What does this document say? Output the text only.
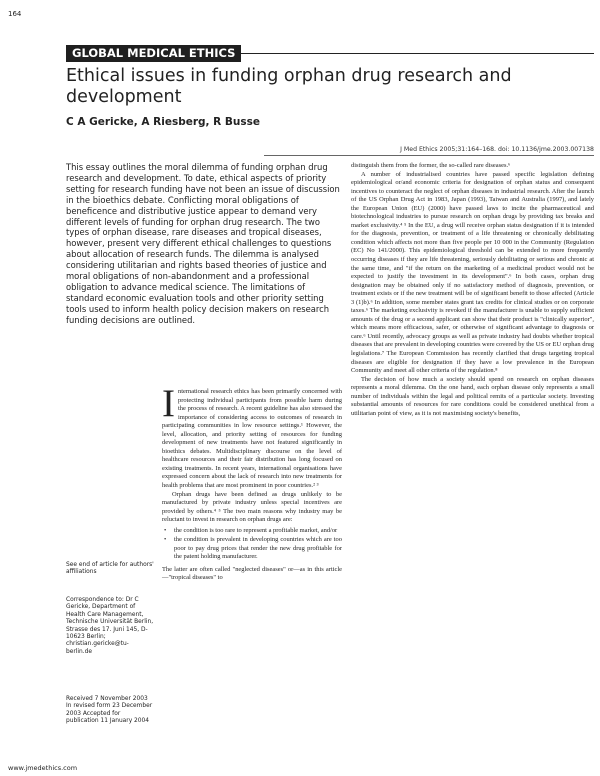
164
GLOBAL MEDICAL ETHICS
Ethical issues in funding orphan drug research and development
C A Gericke, A Riesberg, R Busse
J Med Ethics 2005;31:164–168. doi: 10.1136/jme.2003.007138

This essay outlines the moral dilemma of funding orphan drug research and development. To date, ethical aspects of priority setting for research funding have not been an issue of discussion in the bioethics debate. Conflicting moral obligations of beneficence and distributive justice appear to demand very different levels of funding for orphan drug research. The two types of orphan disease, rare diseases and tropical diseases, however, present very different ethical challenges to questions about allocation of research funds. The dilemma is analysed considering utilitarian and rights based theories of justice and moral obligations of non-abandonment and a professional obligation to advance medical science. The limitations of standard economic evaluation tools and other priority setting tools used to inform health policy decision makers on research funding decisions are outlined.

See end of article for authors' affiliations
Correspondence to: Dr C Gericke, Department of Health Care Management, Technische Universität Berlin, Strasse des 17. Juni 145, D-10623 Berlin; christian.gericke@tu-berlin.de
Received 7 November 2003 In revised form 23 December 2003 Accepted for publication 11 January 2004

International research ethics has been primarily concerned with protecting individual participants from possible harm during the process of research. A recent guideline has also stressed the importance of considering access to outcomes of research in participating communities in low resource settings.¹ However, the level, allocation, and priority setting of resources for funding development of new treatments have not featured significantly in bioethics debates. Multidisciplinary discourse on the level of healthcare resources and their fair distribution has long focused on existing treatments. In recent years, international organisations have expressed concern about the lack of research into new treatments for health problems that are most prominent in poor countries.² ³

Orphan drugs have been defined as drugs unlikely to be manufactured by private industry unless special incentives are provided by others.⁴ ⁵ The two main reasons why industry may be reluctant to invest in research on orphan drugs are:

• the condition is too rare to represent a profitable market, and/or
• the condition is prevalent in developing countries which are too poor to pay drug prices that render the new drug profitable for the patent holding manufacturer.

The latter are often called "neglected diseases" or—as in this article—"tropical diseases" to

distinguish them from the former, the so-called rare diseases.⁶

A number of industrialised countries have passed specific legislation defining epidemiological or/and economic criteria for designation of orphan status and consequent incentives to counteract the neglect of orphan diseases in industrial research. After the launch of the US Orphan Drug Act in 1983, Japan (1993), Taiwan and Australia (1997), and lately the European Union (EU) (2000) have passed laws to incite the pharmaceutical and biotechnological industries to pursue research on orphan drugs by providing tax breaks and market exclusivity.⁴ ⁵ In the EU, a drug will receive orphan status designation if it is intended for the diagnosis, prevention, or treatment of a life threatening or chronically debilitating condition which affects not more than five people per 10 000 in the Community (Regulation (EC) No 141/2000). This epidemiological threshold can be extended to more frequently occurring diseases if they are life threatening, seriously debilitating or serious and chronic at the same time, and "if the return on the marketing of a medicinal product would not be expected to justify the investment in its development".⁶ In both cases, orphan drug designation may be obtained only if no satisfactory method of diagnosis, prevention, or treatment exists or if the new treatment will be of significant benefit to those affected (Article 3 (1)b).⁶ In addition, some member states grant tax credits for clinical studies or on corporate taxes.⁶ The marketing exclusivity is revoked if the manufacturer is unable to supply sufficient amounts of the drug or a second applicant can show that their product is "clinically superior", which means more efficacious, safer, or otherwise of significant advantage to diagnosis or care.⁶ Until recently, advocacy groups as well as private industry had doubts whether tropical diseases that are prevalent in developing countries were covered by the US or EU orphan drug legislations.⁷ The European Commission has recently clarified that drugs targeting tropical diseases are eligible for designation if they have a low prevalence in the European Community and meet all other criteria of the regulation.⁸

The decision of how much a society should spend on research on orphan diseases represents a moral dilemma. On the one hand, each orphan disease only represents a small number of individuals within the legal and political remits of a particular society. Investing substantial amounts of resources for rare conditions could be considered unethical from a utilitarian point of view, as it is not maximising society's benefits,

www.jmedethics.com
